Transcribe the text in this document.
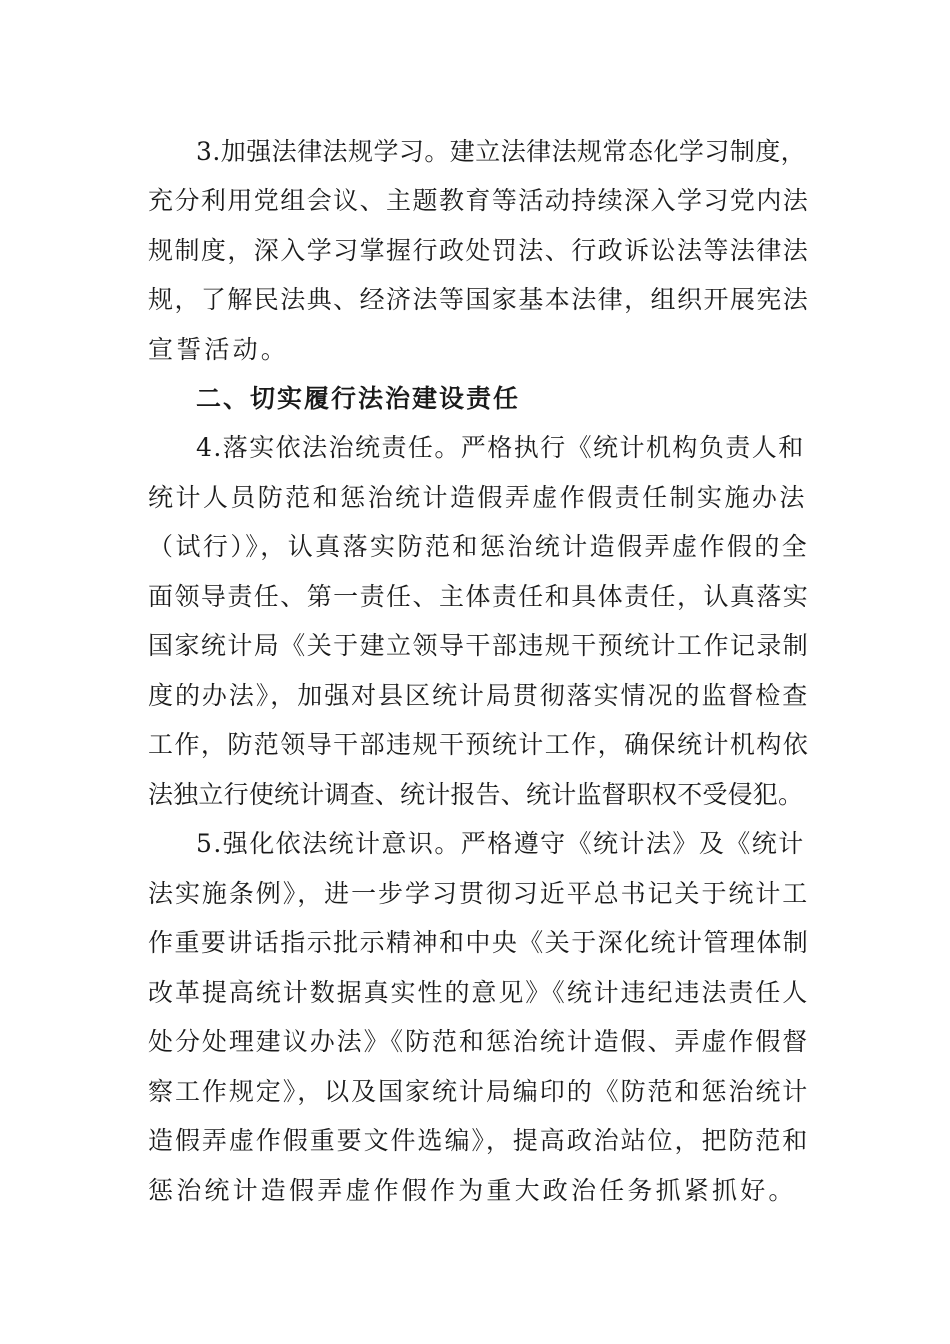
3.加强法律法规学习。建立法律法规常态化学习制度，
充分利用党组会议、主题教育等活动持续深入学习党内法
规制度，深入学习掌握行政处罚法、行政诉讼法等法律法
规，了解民法典、经济法等国家基本法律，组织开展宪法
宣誓活动。
二、切实履行法治建设责任
4.落实依法治统责任。严格执行《统计机构负责人和
统计人员防范和惩治统计造假弄虚作假责任制实施办法
（试行）》，认真落实防范和惩治统计造假弄虚作假的全
面领导责任、第一责任、主体责任和具体责任，认真落实
国家统计局《关于建立领导干部违规干预统计工作记录制
度的办法》，加强对县区统计局贯彻落实情况的监督检查
工作，防范领导干部违规干预统计工作，确保统计机构依
法独立行使统计调查、统计报告、统计监督职权不受侵犯。
5.强化依法统计意识。严格遵守《统计法》及《统计
法实施条例》，进一步学习贯彻习近平总书记关于统计工
作重要讲话指示批示精神和中央《关于深化统计管理体制
改革提高统计数据真实性的意见》《统计违纪违法责任人
处分处理建议办法》《防范和惩治统计造假、弄虚作假督
察工作规定》，以及国家统计局编印的《防范和惩治统计
造假弄虚作假重要文件选编》，提高政治站位，把防范和
惩治统计造假弄虚作假作为重大政治任务抓紧抓好。
